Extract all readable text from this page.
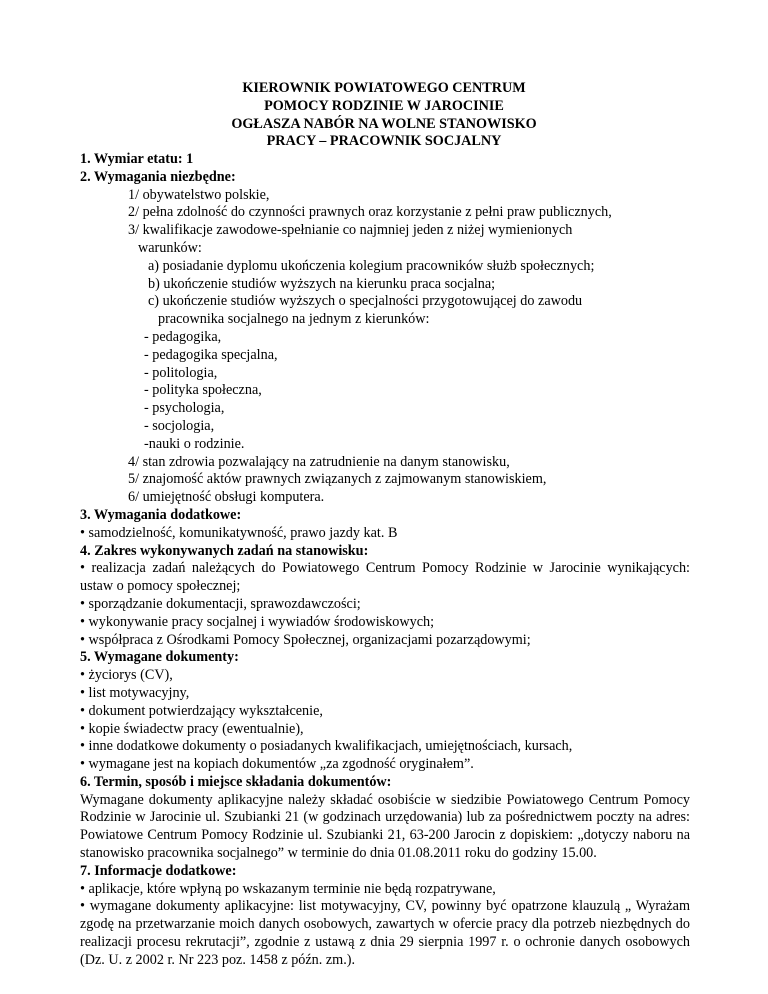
KIEROWNIK POWIATOWEGO CENTRUM
POMOCY RODZINIE W JAROCINIE
OGŁASZA NABÓR NA WOLNE STANOWISKO
PRACY – PRACOWNIK SOCJALNY
1. Wymiar etatu: 1
2. Wymagania niezbędne:
1/ obywatelstwo polskie,
2/ pełna zdolność do czynności prawnych oraz korzystanie z pełni praw publicznych,
3/ kwalifikacje zawodowe-spełnianie co najmniej jeden z niżej wymienionych
warunków:
a) posiadanie dyplomu ukończenia kolegium pracowników służb społecznych;
b) ukończenie studiów wyższych na kierunku praca socjalna;
c) ukończenie studiów wyższych o specjalności przygotowującej do zawodu
pracownika socjalnego na jednym z kierunków:
- pedagogika,
- pedagogika specjalna,
- politologia,
- polityka społeczna,
- psychologia,
- socjologia,
-nauki o rodzinie.
4/ stan zdrowia pozwalający na zatrudnienie na danym stanowisku,
5/ znajomość aktów prawnych związanych z zajmowanym stanowiskiem,
6/ umiejętność obsługi komputera.
3. Wymagania dodatkowe:
• samodzielność, komunikatywność, prawo jazdy kat. B
4. Zakres wykonywanych zadań na stanowisku:
• realizacja zadań należących do Powiatowego Centrum Pomocy Rodzinie w Jarocinie wynikających: ustaw o pomocy społecznej;
• sporządzanie dokumentacji, sprawozdawczości;
• wykonywanie pracy socjalnej i wywiadów środowiskowych;
• współpraca z Ośrodkami Pomocy Społecznej, organizacjami pozarządowymi;
5. Wymagane dokumenty:
• życiorys (CV),
• list motywacyjny,
• dokument potwierdzający wykształcenie,
• kopie świadectw pracy (ewentualnie),
• inne dodatkowe dokumenty o posiadanych kwalifikacjach, umiejętnościach, kursach,
• wymagane jest na kopiach dokumentów „za zgodność oryginałem”.
6. Termin, sposób i miejsce składania dokumentów:
Wymagane dokumenty aplikacyjne należy składać osobiście w siedzibie Powiatowego Centrum Pomocy Rodzinie w Jarocinie ul. Szubianki 21 (w godzinach urzędowania) lub za pośrednictwem poczty na adres: Powiatowe Centrum Pomocy Rodzinie ul. Szubianki 21, 63-200 Jarocin z dopiskiem: „dotyczy naboru na stanowisko pracownika socjalnego” w terminie do dnia 01.08.2011 roku do godziny 15.00.
7. Informacje dodatkowe:
• aplikacje, które wpłyną po wskazanym terminie nie będą rozpatrywane,
• wymagane dokumenty aplikacyjne: list motywacyjny, CV, powinny być opatrzone klauzulą „ Wyrażam zgodę na przetwarzanie moich danych osobowych, zawartych w ofercie pracy dla potrzeb niezbędnych do realizacji procesu rekrutacji”, zgodnie z ustawą z dnia 29 sierpnia 1997 r. o ochronie danych osobowych (Dz. U. z 2002 r. Nr 223 poz. 1458 z późn. zm.).
